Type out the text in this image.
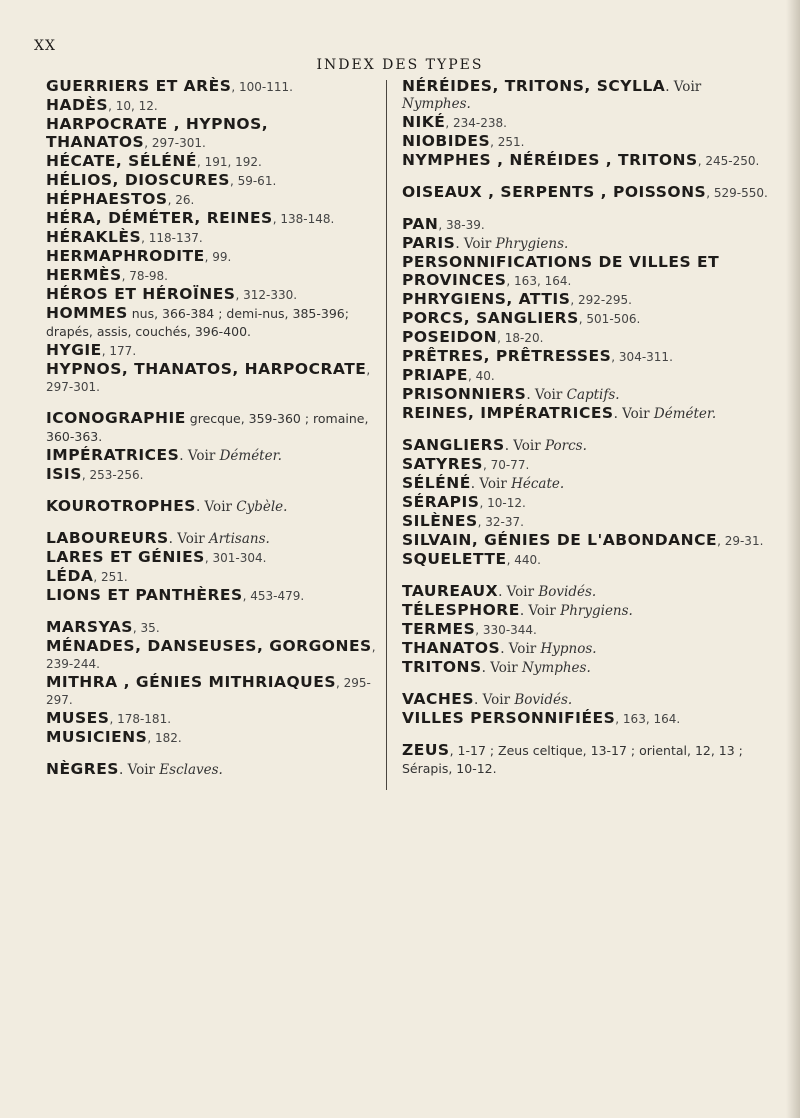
XX
INDEX DES TYPES
GUERRIERS ET ARÈS, 100-111.
HADÈS, 10, 12.
HARPOCRATE , HYPNOS, THANATOS, 297-301.
HÉCATE, SÉLÉNÉ, 191, 192.
HÉLIOS, DIOSCURES, 59-61.
HÉPHAESTOS, 26.
HÉRA, DÉMÉTER, REINES, 138-148.
HÉRAKLÈS, 118-137.
HERMAPHRODITE, 99.
HERMÈS, 78-98.
HÉROS ET HÉROÏNES, 312-330.
HOMMES nus, 366-384 ; demi-nus, 385-396; drapés, assis, couchés, 396-400.
HYGIE, 177.
HYPNOS, THANATOS, HARPOCRATE, 297-301.
ICONOGRAPHIE grecque, 359-360 ; romaine, 360-363.
IMPÉRATRICES. Voir Déméter.
ISIS, 253-256.
KOUROTROPHES. Voir Cybèle.
LABOUREURS. Voir Artisans.
LARES ET GÉNIES, 301-304.
LÉDA, 251.
LIONS ET PANTHÈRES, 453-479.
MARSYAS, 35.
MÉNADES, DANSEUSES, GORGONES, 239-244.
MITHRA , GÉNIES MITHRIAQUES, 295-297.
MUSES, 178-181.
MUSICIENS, 182.
NÈGRES. Voir Esclaves.
NÉRÉIDES, TRITONS, SCYLLA. Voir Nymphes.
NIKÉ, 234-238.
NIOBIDES, 251.
NYMPHES , NÉRÉIDES , TRITONS, 245-250.
OISEAUX , SERPENTS , POISSONS, 529-550.
PAN, 38-39.
PARIS. Voir Phrygiens.
PERSONNIFICATIONS DE VILLES ET PROVINCES, 163, 164.
PHRYGIENS, ATTIS, 292-295.
PORCS, SANGLIERS, 501-506.
POSEIDON, 18-20.
PRÊTRES, PRÊTRESSES, 304-311.
PRIAPE, 40.
PRISONNIERS. Voir Captifs.
REINES, IMPÉRATRICES. Voir Déméter.
SANGLIERS. Voir Porcs.
SATYRES, 70-77.
SÉLÉNÉ. Voir Hécate.
SÉRAPIS, 10-12.
SILÈNES, 32-37.
SILVAIN, GÉNIES DE L'ABONDANCE, 29-31.
SQUELETTE, 440.
TAUREAUX. Voir Bovidés.
TÉLESPHORE. Voir Phrygiens.
TERMES, 330-344.
THANATOS. Voir Hypnos.
TRITONS. Voir Nymphes.
VACHES. Voir Bovidés.
VILLES PERSONNIFIÉES, 163, 164.
ZEUS, 1-17 ; Zeus celtique, 13-17 ; oriental, 12, 13 ; Sérapis, 10-12.
